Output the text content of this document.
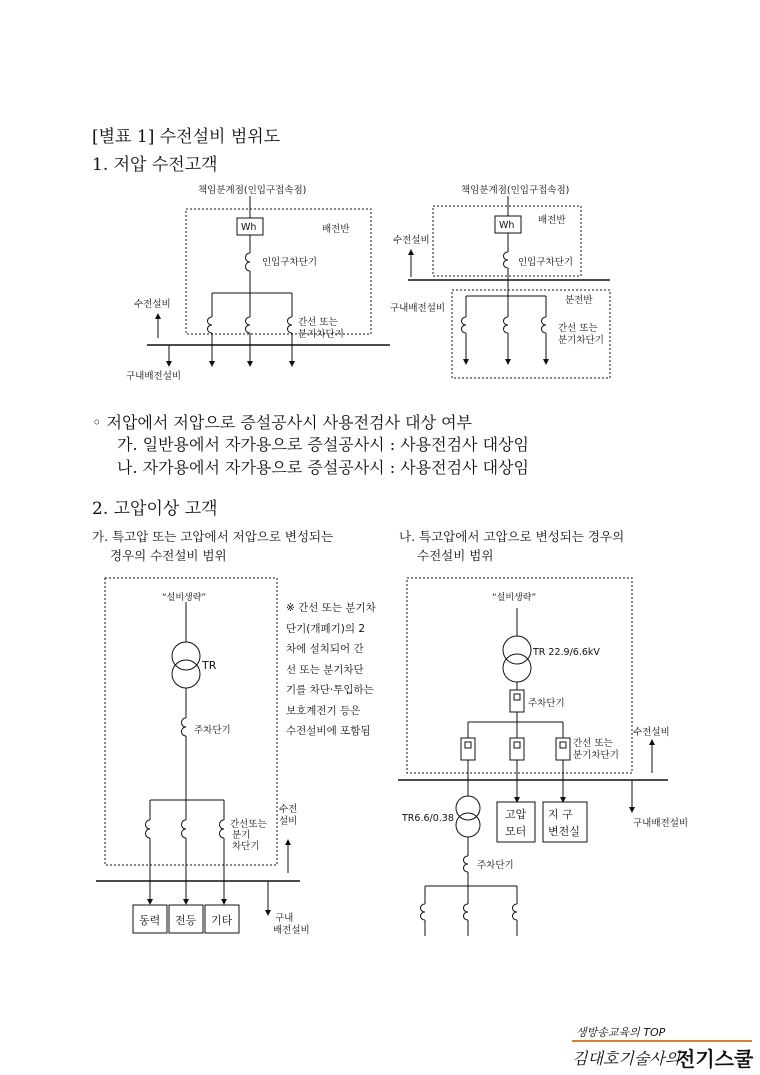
[별표 1] 수전설비 범위도
1. 저압 수전고객
◦ 저압에서 저압으로 증설공사시 사용전검사 대상 여부
가. 일반용에서 자가용으로 증설공사시 : 사용전검사 대상임
나. 자가용에서 자가용으로 증설공사시 : 사용전검사 대상임
2. 고압이상 고객
가. 특고압 또는 고압에서 저압으로 변성되는
경우의 수전설비 범위
나. 특고압에서 고압으로 변성되는 경우의
수전설비 범위

※ 간선 또는 분기차

단기(개폐기)의 2

차에 설치되어 간

선 또는 분기차단

기를 차단·투입하는

보호계전기 등은

수전설비에 포함됨

책임분계점(인입구접속점)
Wh	배전반
인입구차단기
수전설비
간선 또는
분기차단기
구내배전설비
책임분계점(인입구접속점)
Wh 배전반
인입구차단기
수전설비
구내배전설비
분전반
간선 또는
분기차단기
“설비생략”
TR
주차단기
간선또는
분기
차단기
수전
설비
동력 전등 기타	구내
배전설비
“설비생략”
TR 22.9/6.6kV
주차단기
간선 또는
분기차단기
수전설비
구내배전설비
TR6.6/0.38	고압
모터
지 구
변전실
주차단기
생방송교육의 TOP
김대호기술사의
전기스쿨
